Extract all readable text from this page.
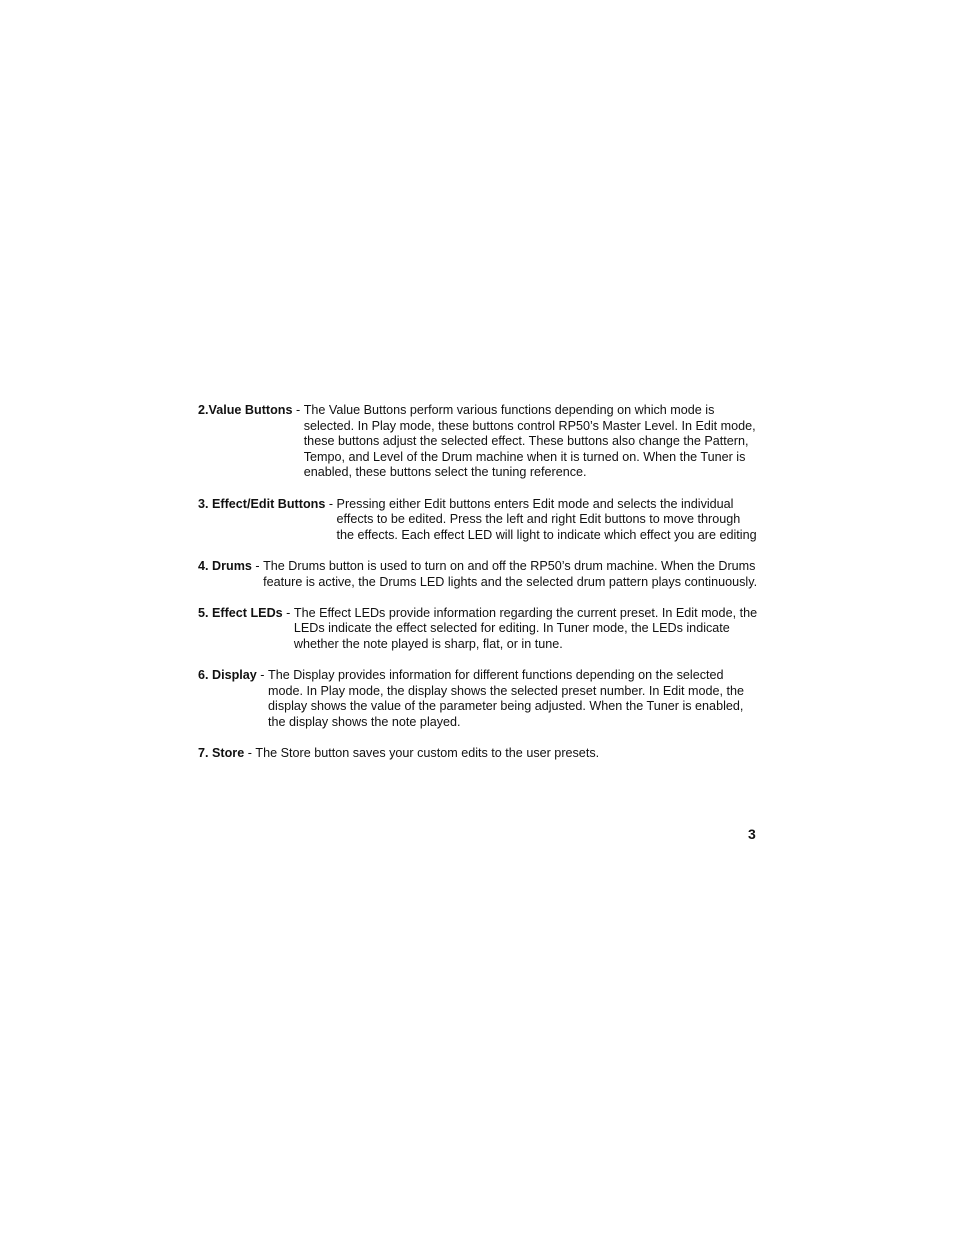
2.Value Buttons - The Value Buttons perform various functions depending on which mode is selected. In Play mode, these buttons control RP50’s Master Level. In Edit mode, these buttons adjust the selected effect. These buttons also change the Pattern, Tempo, and Level of the Drum machine when it is turned on. When the Tuner is enabled, these buttons select the tuning reference.
3. Effect/Edit Buttons - Pressing either Edit buttons enters Edit mode and selects the individual effects to be edited. Press the left and right Edit buttons to move through the effects. Each effect LED will light to indicate which effect you are editing
4. Drums - The Drums button is used to turn on and off the RP50’s drum machine. When the Drums feature is active, the Drums LED lights and the selected drum pattern plays continuously.
5. Effect LEDs - The Effect LEDs provide information regarding the current preset. In Edit mode, the LEDs indicate the effect selected for editing. In Tuner mode, the LEDs indicate whether the note played is sharp, flat, or in tune.
6. Display - The Display provides information for different functions depending on the selected mode. In Play mode, the display shows the selected preset number. In Edit mode, the display shows the value of the parameter being adjusted. When the Tuner is enabled, the display shows the note played.
7. Store - The Store button saves your custom edits to the user presets.
3
